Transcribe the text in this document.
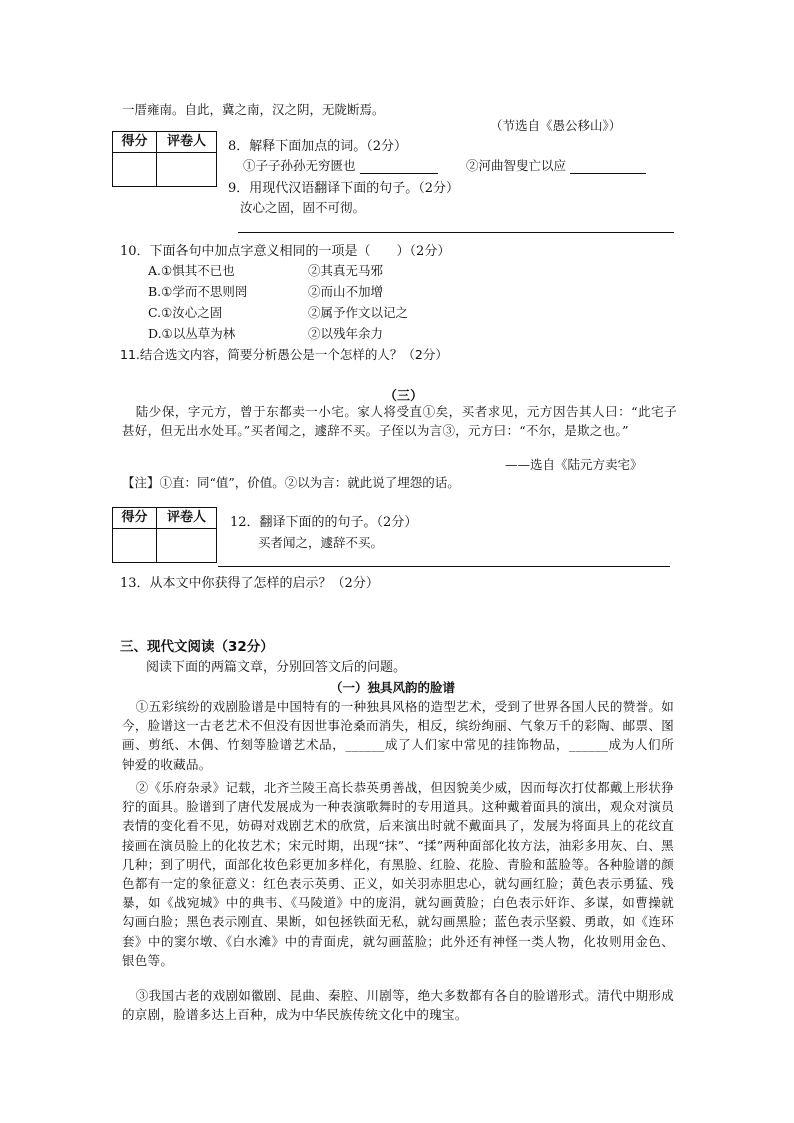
一厝雍南。自此，冀之南，汉之阴，无陇断焉。
（节选自《愚公移山》）
得分	评卷人	8．解释下面加点的词。（2分）
①子子孙孙无穷匮也	②河曲智叟亡以应
9．用现代汉语翻译下面的句子。（2分）
汝心之固，固不可彻。
10．下面各句中加点字意义相同的一项是（　　）（2分）
A.①惧其不已也	②其真无马邪
B.①学而不思则罔	②而山不加增
C.①汝心之固	②属予作文以记之
D.①以丛草为林	②以残年余力
11.结合选文内容，简要分析愚公是一个怎样的人？（2分）
（三）
陆少保，字元方，曾于东都卖一小宅。家人将受直①矣，买者求见，元方因告其人曰：“此宅子甚好，但无出水处耳。”买者闻之，遽辞不买。子侄以为言③，元方曰：“不尔，是欺之也。”
——选自《陆元方卖宅》
【注】①直：同“值”，价值。②以为言：就此说了埋怨的话。
得分	评卷人	12．翻译下面的的句子。（2分）
买者闻之，遽辞不买。
13．从本文中你获得了怎样的启示？（2分）
三、现代文阅读（32分）
阅读下面的两篇文章，分别回答文后的问题。
（一）独具风韵的脸谱
①五彩缤纷的戏剧脸谱是中国特有的一种独具风格的造型艺术，受到了世界各国人民的赞誉。如今，脸谱这一古老艺术不但没有因世事沧桑而消失，相反，缤纷绚丽、气象万千的彩陶、邮票、图画、剪纸、木偶、竹刻等脸谱艺术品，______成了人们家中常见的挂饰物品，______成为人们所钟爱的收藏品。
②《乐府杂录》记载，北齐兰陵王高长恭英勇善战，但因貌美少威，因而每次打仗都戴上形状狰狞的面具。脸谱到了唐代发展成为一种表演歌舞时的专用道具。这种戴着面具的演出，观众对演员表情的变化看不见，妨碍对戏剧艺术的欣赏，后来演出时就不戴面具了，发展为将面具上的花纹直接画在演员脸上的化妆艺术；宋元时期，出现“抹”、“揉”两种面部化妆方法，油彩多用灰、白、黑几种；到了明代，面部化妆色彩更加多样化，有黑脸、红脸、花脸、青脸和蓝脸等。各种脸谱的颜色都有一定的象征意义：红色表示英勇、正义，如关羽赤胆忠心，就勾画红脸；黄色表示勇猛、残暴，如《战宛城》中的典韦、《马陵道》中的庞涓，就勾画黄脸；白色表示奸诈、多谋，如曹操就勾画白脸；黑色表示刚直、果断，如包拯铁面无私，就勾画黑脸；蓝色表示坚毅、勇敢，如《连环套》中的窦尔墩、《白水滩》中的青面虎，就勾画蓝脸；此外还有神怪一类人物，化妆则用金色、银色等。
③我国古老的戏剧如徽剧、昆曲、秦腔、川剧等，绝大多数都有各自的脸谱形式。清代中期形成的京剧，脸谱多达上百种，成为中华民族传统文化中的瑰宝。
